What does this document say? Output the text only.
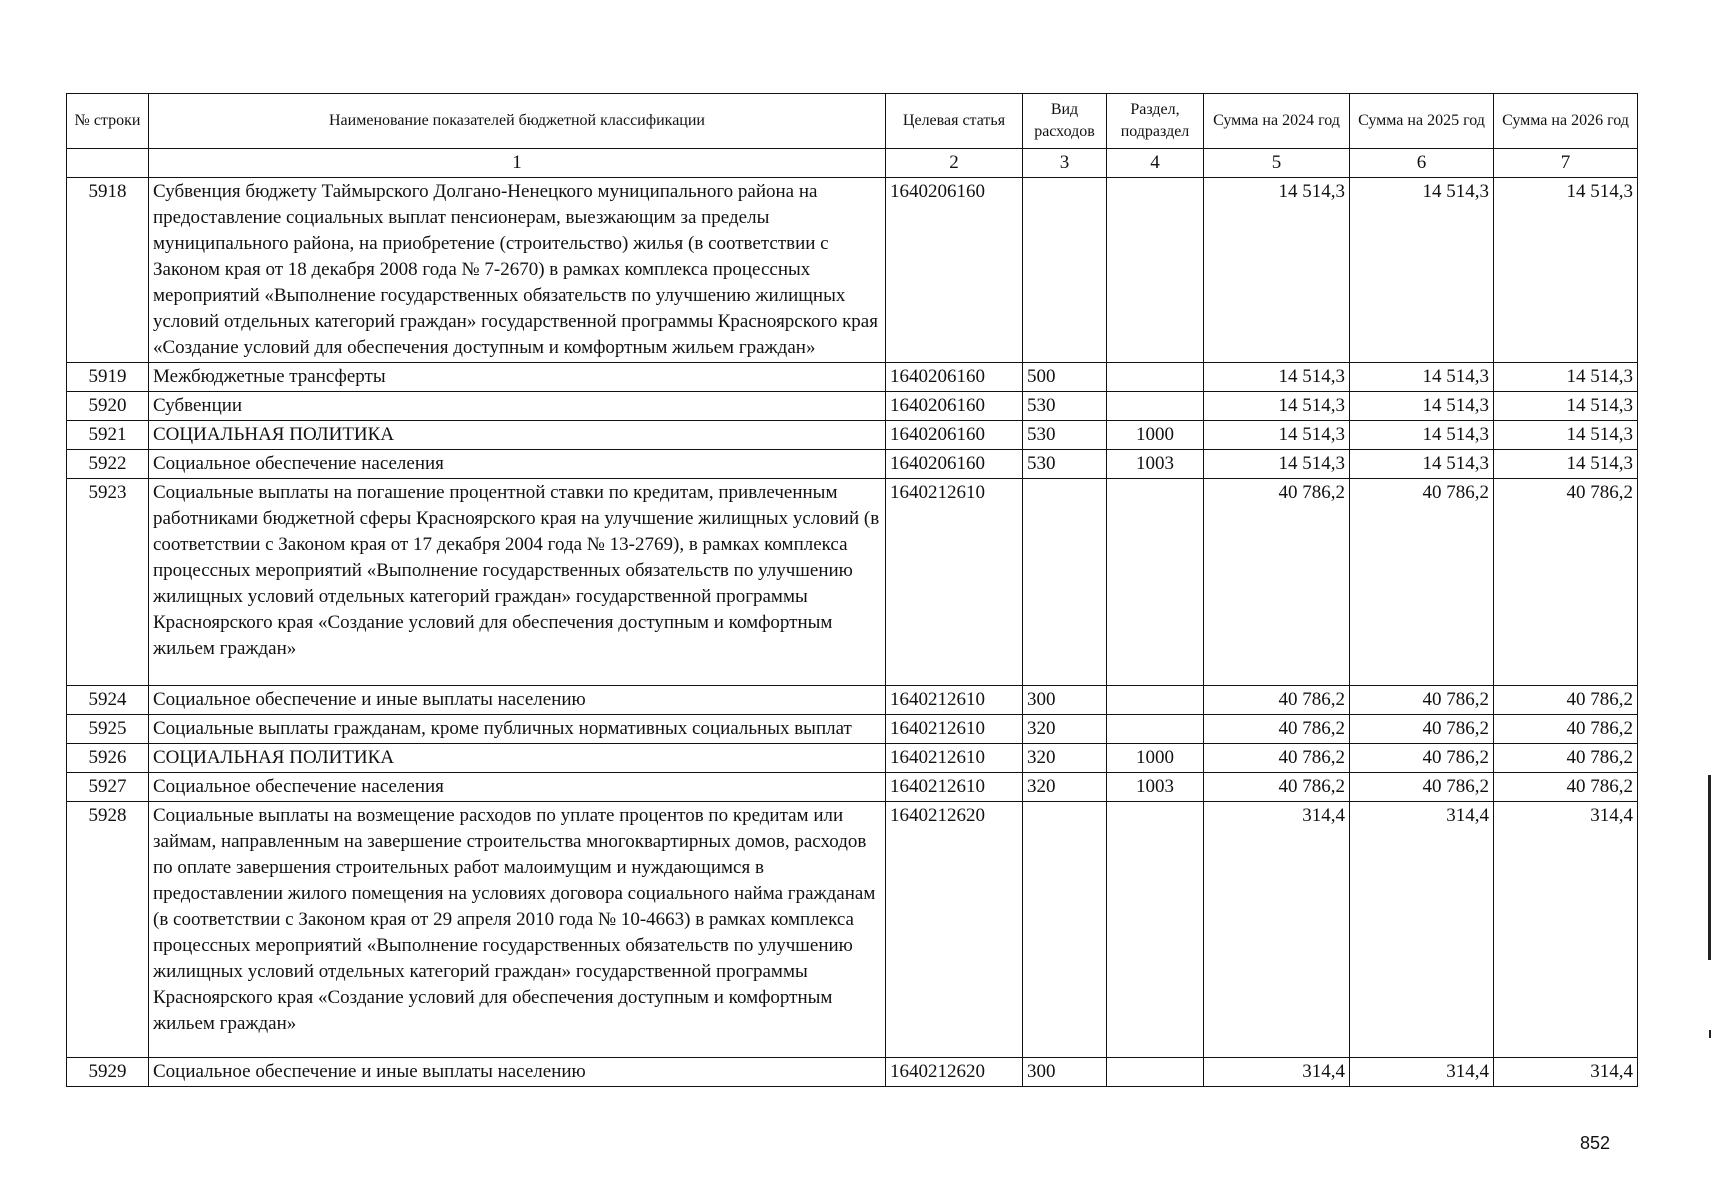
№ строки	Наименование показателей бюджетной классификации	Целевая статья	Вид расходов	Раздел, подраздел	Сумма на 2024 год	Сумма на 2025 год	Сумма на 2026 год
	1	2	3	4	5	6	7
5918	Субвенция бюджету Таймырского Долгано-Ненецкого муниципального района на предоставление социальных выплат пенсионерам, выезжающим за пределы муниципального района, на приобретение (строительство) жилья (в соответствии с Законом края от 18 декабря 2008 года № 7-2670) в рамках комплекса процессных мероприятий «Выполнение государственных обязательств по улучшению жилищных условий отдельных категорий граждан» государственной программы Красноярского края «Создание условий для обеспечения доступным и комфортным жильем граждан»	1640206160			14 514,3	14 514,3	14 514,3
5919	Межбюджетные трансферты	1640206160	500		14 514,3	14 514,3	14 514,3
5920	Субвенции	1640206160	530		14 514,3	14 514,3	14 514,3
5921	СОЦИАЛЬНАЯ ПОЛИТИКА	1640206160	530	1000	14 514,3	14 514,3	14 514,3
5922	Социальное обеспечение населения	1640206160	530	1003	14 514,3	14 514,3	14 514,3
5923	Социальные выплаты на погашение процентной ставки по кредитам, привлеченным работниками бюджетной сферы Красноярского края на улучшение жилищных условий (в соответствии с Законом края от 17 декабря 2004 года № 13-2769), в рамках комплекса процессных мероприятий «Выполнение государственных обязательств по улучшению жилищных условий отдельных категорий граждан» государственной программы Красноярского края «Создание условий для обеспечения доступным и комфортным жильем граждан»	1640212610			40 786,2	40 786,2	40 786,2
5924	Социальное обеспечение и иные выплаты населению	1640212610	300		40 786,2	40 786,2	40 786,2
5925	Социальные выплаты гражданам, кроме публичных нормативных социальных выплат	1640212610	320		40 786,2	40 786,2	40 786,2
5926	СОЦИАЛЬНАЯ ПОЛИТИКА	1640212610	320	1000	40 786,2	40 786,2	40 786,2
5927	Социальное обеспечение населения	1640212610	320	1003	40 786,2	40 786,2	40 786,2
5928	Социальные выплаты на возмещение расходов по уплате процентов по кредитам или займам, направленным на завершение строительства многоквартирных домов, расходов по оплате завершения строительных работ малоимущим и нуждающимся в предоставлении жилого помещения на условиях договора социального найма гражданам (в соответствии с Законом края от 29 апреля 2010 года № 10-4663) в рамках комплекса процессных мероприятий «Выполнение государственных обязательств по улучшению жилищных условий отдельных категорий граждан» государственной программы Красноярского края «Создание условий для обеспечения доступным и комфортным жильем граждан»	1640212620			314,4	314,4	314,4
5929	Социальное обеспечение и иные выплаты населению	1640212620	300		314,4	314,4	314,4
852
